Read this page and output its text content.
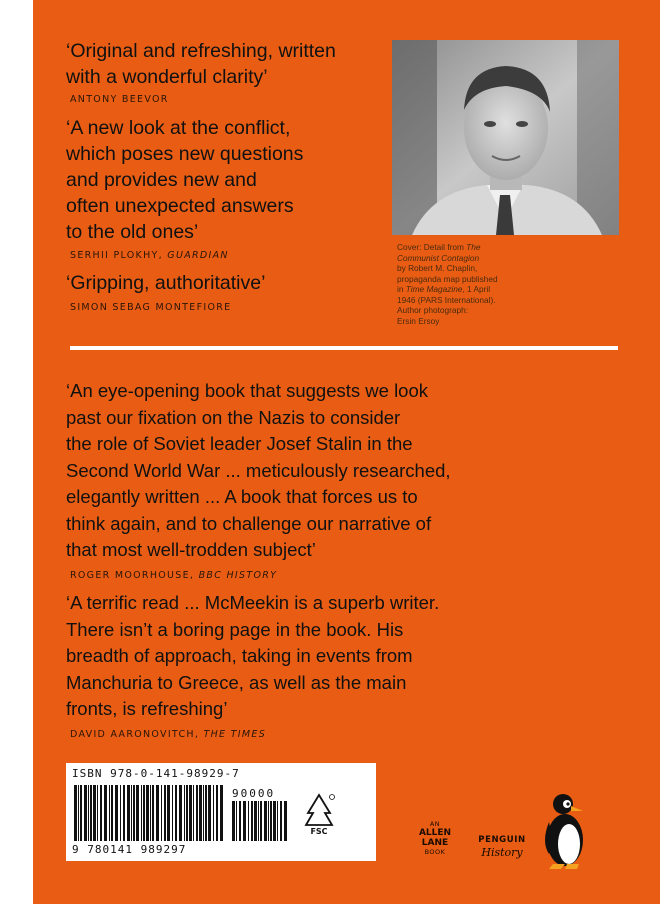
‘Original and refreshing, written
with a wonderful clarity’
ANTONY BEEVOR
‘A new look at the conflict,
which poses new questions
and provides new and
often unexpected answers
to the old ones’
SERHII PLOKHY, GUARDIAN
‘Gripping, authoritative’
SIMON SEBAG MONTEFIORE
Cover: Detail from The
Communist Contagion
by Robert M. Chaplin,
propaganda map published
in Time Magazine, 1 April
1946 (PARS International).
Author photograph:
Ersin Ersoy
‘An eye-opening book that suggests we look
past our fixation on the Nazis to consider
the role of Soviet leader Josef Stalin in the
Second World War ... meticulously researched,
elegantly written ... A book that forces us to
think again, and to challenge our narrative of
that most well-trodden subject’
ROGER MOORHOUSE, BBC HISTORY
‘A terrific read ... McMeekin is a superb writer.
There isn’t a boring page in the book. His
breadth of approach, taking in events from
Manchuria to Greece, as well as the main
fronts, is refreshing’
DAVID AARONOVITCH, THE TIMES
ISBN 978-0-141-98929-7
90000
FSC
9 780141 989297
AN
ALLEN
LANE
BOOK
PENGUIN
History
